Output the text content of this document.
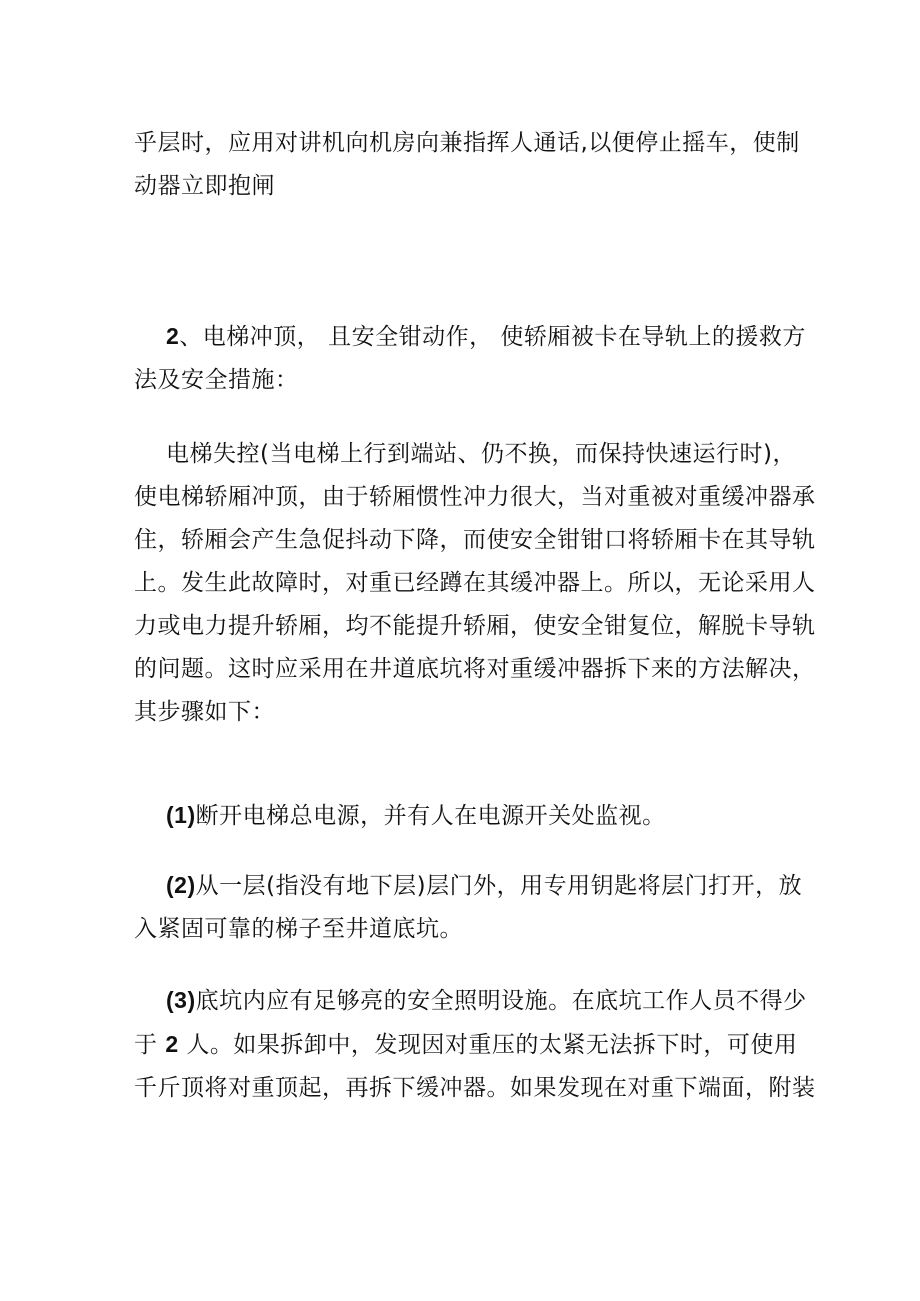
乎层时，应用对讲机向机房向兼指挥人通话,以便停止摇车，使制
动器立即抱闸

2、电梯冲顶， 且安全钳动作， 使轿厢被卡在导轨上的援救方
法及安全措施：

电梯失控(当电梯上行到端站、仍不换，而保持快速运行时)，
使电梯轿厢冲顶，由于轿厢惯性冲力很大，当对重被对重缓冲器承
住，轿厢会产生急促抖动下降，而使安全钳钳口将轿厢卡在其导轨
上。发生此故障时，对重已经蹲在其缓冲器上。所以，无论采用人
力或电力提升轿厢，均不能提升轿厢，使安全钳复位，解脱卡导轨
的问题。这时应采用在井道底坑将对重缓冲器拆下来的方法解决，
其步骤如下：

(1)断开电梯总电源，并有人在电源开关处监视。

(2)从一层(指没有地下层)层门外，用专用钥匙将层门打开，放
入紧固可靠的梯子至井道底坑。

(3)底坑内应有足够亮的安全照明设施。在底坑工作人员不得少
于 2 人。如果拆卸中，发现因对重压的太紧无法拆下时，可使用
千斤顶将对重顶起，再拆下缓冲器。如果发现在对重下端面，附装
